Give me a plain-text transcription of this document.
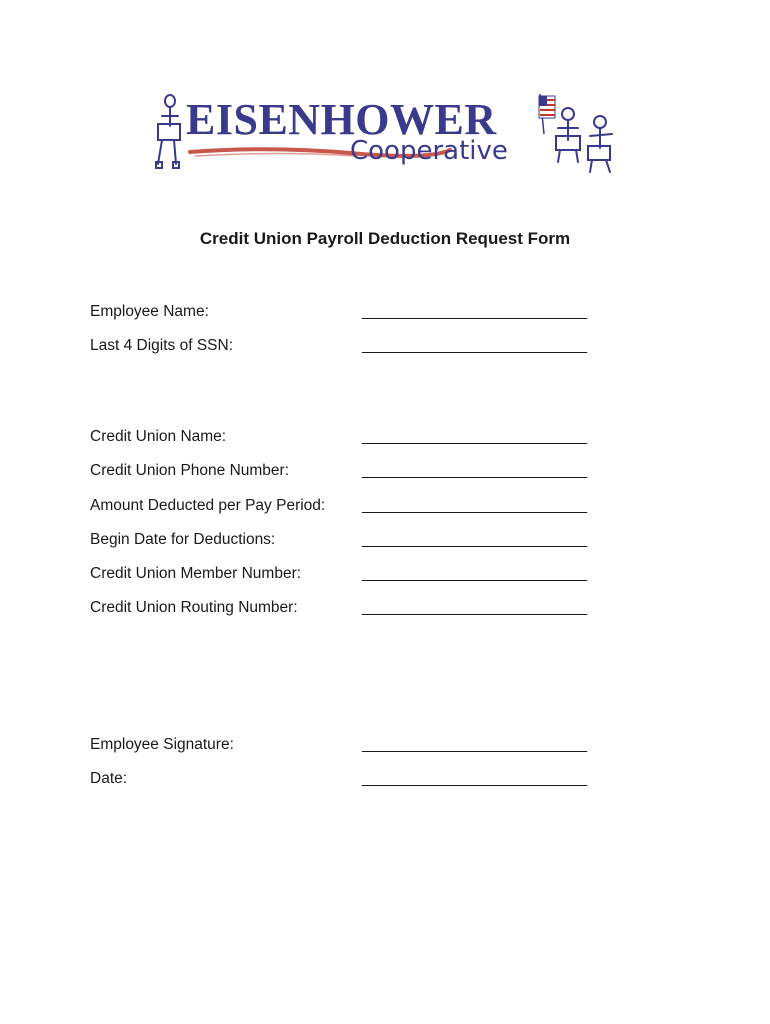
EISENHOWER
Cooperative
Credit Union Payroll Deduction Request Form
Employee Name:	____________________________
Last 4 Digits of SSN:	____________________________
Credit Union Name:	____________________________
Credit Union Phone Number:	____________________________
Amount Deducted per Pay Period: ____________________________
Begin Date for Deductions:	____________________________
Credit Union Member Number:	____________________________
Credit Union Routing Number:	____________________________
Employee Signature:	____________________________
Date:	____________________________
